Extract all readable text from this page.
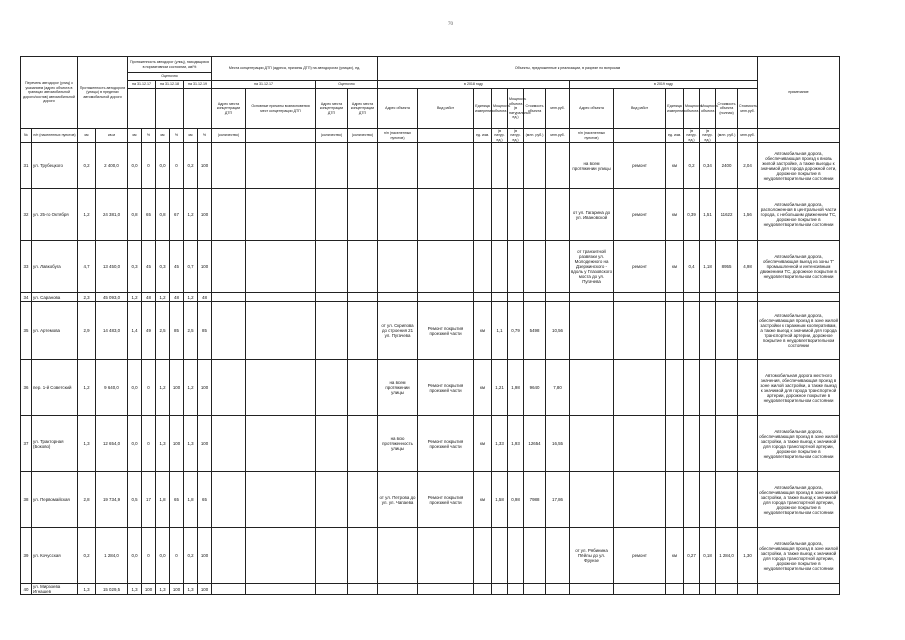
70
Перечень автодорог (улиц) с указанием (адрес объекта в границах автомобильной дороги/состав) автомобильной дороги		Протяженность автодороги (улицы) в пределах автомобильной дороги		Протяженность автодорог (улиц), находящихся в нормативном состоянии, км/%						Места концентрации ДТП (адреса, причины ДТП) на автодорогах (улицах), ед.				Объекты, предложенные к реализации, в разрезе по вопросам														примечание
				Оценочно																								
				на 31.12.17		на 31.12.18		на 31.12.19		на 31.12.17		Оценочно		в 2018 году							в 2019 году							
										Адрес места концентрации ДТП	Основные причины возникновения мест концентрации ДТП	Адрес места концентрации ДТП	Адрес места концентрации ДТП	Адрес объекта	Вид работ	Единица измерения	Мощность объекта	Мощность объекта (в натуральных ед.)	Стоимость объекта	млн.руб.	Адрес объекта	Вид работ	Единица измерения	Мощность объекта	Мощность объекта	Стоимость объекта (полная)	Стоимость, млн.руб.	
№	п/п (населенных пунктов)	км	кв.м	км	%	км	%	км	%	(количество)		(количество)	(количество)	п/п (населенных пунктов)		ед. изм.	(в натур. ед.)	(в натур. ед.)	(млн. руб.)	млн.руб.	п/п (населенных пунктов)		ед. изм.	(в натур. ед.)	(в натур. ед.)	(млн. руб.)	млн.руб.	
31	ул. Трубецкого	0,2	2 400,0	0,0	0	0,0	0	0,2	100												на всем протяжении улицы	ремонт	км	0,2	0,34	2400	2,04	Автомобильная дорога, обеспечивающая проезд к вновь жилой застройке, а также выезды к значимой для города дорожной сети, дорожное покрытие в неудовлетворительном состоянии
32	ул. 25-го Октября	1,2	24 381,0	0,8	65	0,8	67	1,2	100												от ул. Гагарина до ул. Ивановской	ремонт	км	0,39	1,51	11622	1,56	Автомобильная дорога, расположенная в центральной части города, с небольшим движением ТС, дорожное покрытие в неудовлетворительном состоянии
33	ул. Лавкобуга	4,7	13 450,0	0,3	45	0,3	45	0,7	100												от транзитной развязки ул. Молодежного на Дзержинского - вдоль у Глазовского моста до ул. Пугачева	ремонт	км	0,4	1,18	8955	4,98	Автомобильная дорога, обеспечивающая выезд из зоны 'Г' промышленной и интенсивным движением ТС, дорожное покрытие в неудовлетворительном состоянии
34	ул. Саранова	2,3	45 093,0	1,2	48	1,2	48	1,2	48																			
35	ул. Артемова	2,9	14 483,0	1,4	49	2,5	85	2,5	85					от ул. Скрипова до строения 21 ул. Пугачева	Ремонт покрытия проезжей части	км	1,1	0,79	5498	10,56								Автомобильная дорога, обеспечивающая проезд в зоне жилой застройки к гаражным кооперативам, а также выезд к значимой для города транспортной артерии, дорожное покрытие в неудовлетворительном состоянии
36	пер. 1-й Советский	1,2	9 640,0	0,0	0	1,2	100	1,2	100					на всем протяжении улицы	Ремонт покрытия проезжей части	км	1,21	1,98	9640	7,80								Автомобильная дорога местного значения, обеспечивающая проезд в зоне жилой застройки, а также выезд к значимой для города транспортной артерии, дорожное покрытие в неудовлетворительном состоянии
37	ул. Тракторная (Боково)	1,3	12 654,0	0,0	0	1,3	100	1,3	100					на всю протяженность улицы	Ремонт покрытия проезжей части	км	1,33	1,93	12654	16,55								Автомобильная дорога, обеспечивающая проезд в зоне жилой застройки, а также выезд к значимой для города транспортной артерии, дорожное покрытие в неудовлетворительном состоянии
38	ул. Первомайская	2,8	19 734,9	0,5	17	1,8	65	1,8	65					от ул. Петрова до ул. ул. Чапаева	Ремонт покрытия проезжей части	км	1,58	0,98	7988	17,86								Автомобильная дорога, обеспечивающая проезд в зоне жилой застройки, а также выезд к значимой для города транспортной артерии, дорожное покрытие в неудовлетворительном состоянии
39	ул. Кочусская	0,2	1 284,0	0,0	0	0,0	0	0,2	100												от ул. Рябинина Пёйлы до ул. Фрунзе	ремонт	км	0,27	0,18	1 284,0	1,30	Автомобильная дорога, обеспечивающая проезд в зоне жилой застройки, а также выезд к значимой для города транспортной артерии, дорожное покрытие в неудовлетворительном состоянии
40	ул. Мирзоева Игнашев	1,3	15 029,5	1,3	100	1,3	100	1,3	100																			
